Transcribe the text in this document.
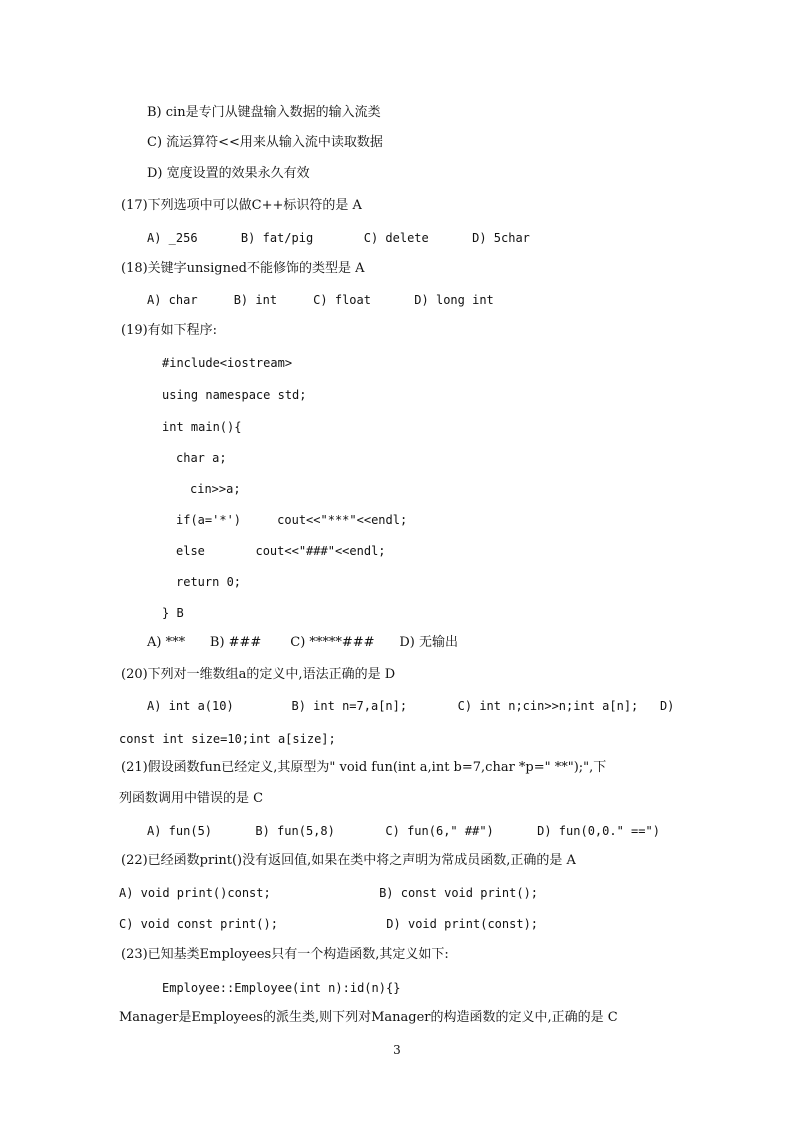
B) cin是专门从键盘输入数据的输入流类
C) 流运算符<<用来从输入流中读取数据
D) 宽度设置的效果永久有效
(17)下列选项中可以做C++标识符的是 A
A) _256      B) fat/pig       C) delete      D) 5char
(18)关键字unsigned不能修饰的类型是 A
A) char     B) int     C) float      D) long int
(19)有如下程序:
#include<iostream>
using namespace std;
int main(){
char a;
cin>>a;
if(a='*')     cout<<"***"<<endl;
else       cout<<"###"<<endl;
return 0;
} B
A) ***      B) ###       C) *****###      D) 无输出
(20)下列对一维数组a的定义中,语法正确的是 D
A) int a(10)        B) int n=7,a[n];       C) int n;cin>>n;int a[n];   D)
const int size=10;int a[size];
(21)假设函数fun已经定义,其原型为" void fun(int a,int b=7,char *p=" **");",下
列函数调用中错误的是 C
A) fun(5)      B) fun(5,8)       C) fun(6," ##")      D) fun(0,0." ==")
(22)已经函数print()没有返回值,如果在类中将之声明为常成员函数,正确的是 A
A) void print()const;               B) const void print();
C) void const print();               D) void print(const);
(23)已知基类Employees只有一个构造函数,其定义如下:
Employee::Employee(int n):id(n){}
Manager是Employees的派生类,则下列对Manager的构造函数的定义中,正确的是 C
3
